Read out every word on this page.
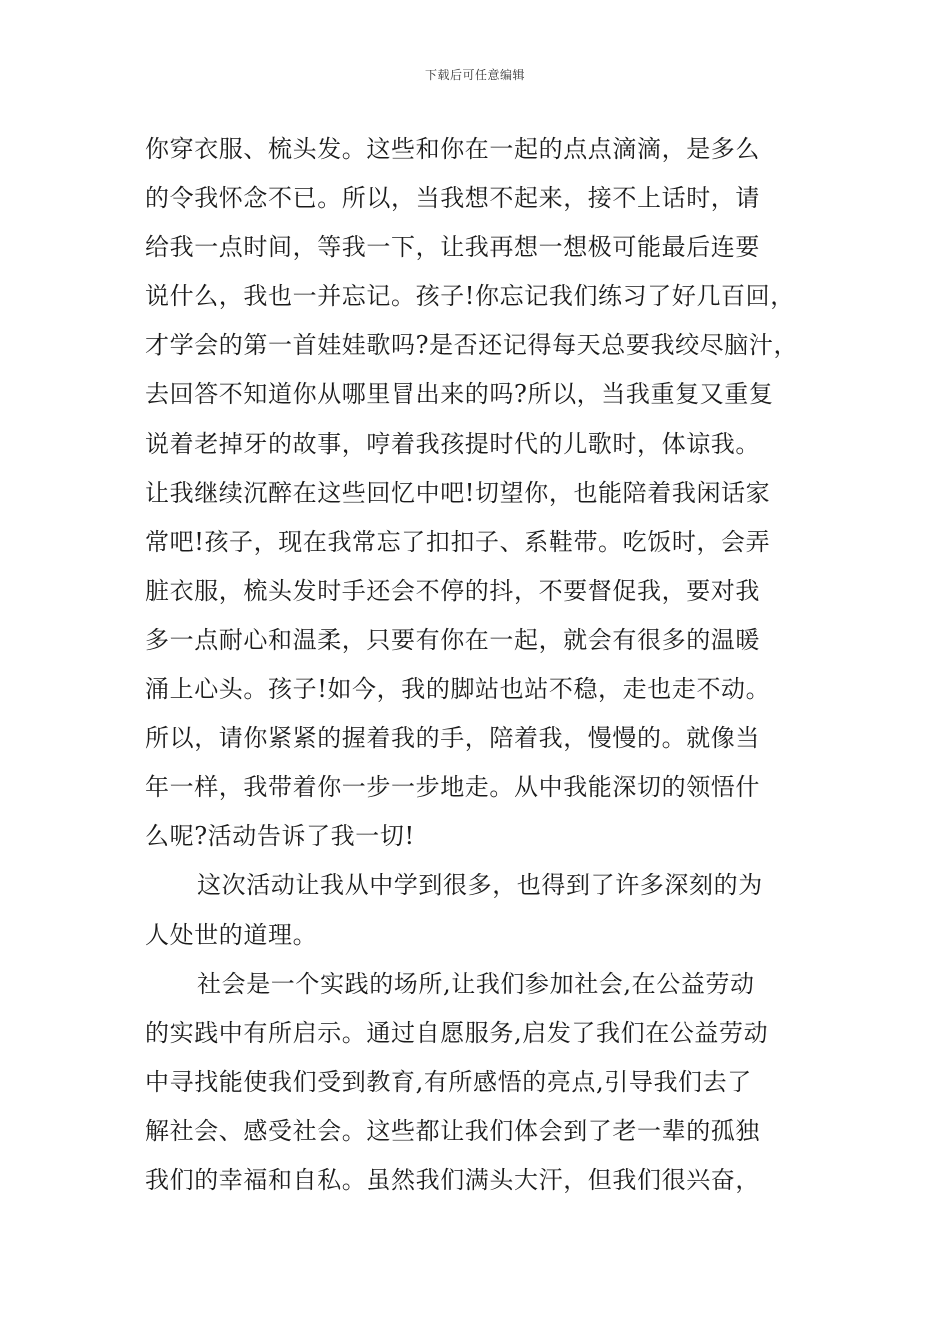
下载后可任意编辑
你穿衣服、梳头发。这些和你在一起的点点滴滴，是多么
的令我怀念不已。所以，当我想不起来，接不上话时，请
给我一点时间，等我一下，让我再想一想极可能最后连要
说什么，我也一并忘记。孩子!你忘记我们练习了好几百回，
才学会的第一首娃娃歌吗?是否还记得每天总要我绞尽脑汁，
去回答不知道你从哪里冒出来的吗?所以，当我重复又重复
说着老掉牙的故事，哼着我孩提时代的儿歌时，体谅我。
让我继续沉醉在这些回忆中吧!切望你，也能陪着我闲话家
常吧!孩子，现在我常忘了扣扣子、系鞋带。吃饭时，会弄
脏衣服，梳头发时手还会不停的抖，不要督促我，要对我
多一点耐心和温柔，只要有你在一起，就会有很多的温暖
涌上心头。孩子!如今，我的脚站也站不稳，走也走不动。
所以，请你紧紧的握着我的手，陪着我，慢慢的。就像当
年一样，我带着你一步一步地走。从中我能深切的领悟什
么呢?活动告诉了我一切!
这次活动让我从中学到很多，也得到了许多深刻的为
人处世的道理。
社会是一个实践的场所,让我们参加社会,在公益劳动
的实践中有所启示。通过自愿服务,启发了我们在公益劳动
中寻找能使我们受到教育,有所感悟的亮点,引导我们去了
解社会、感受社会。这些都让我们体会到了老一辈的孤独
我们的幸福和自私。虽然我们满头大汗，但我们很兴奋，
